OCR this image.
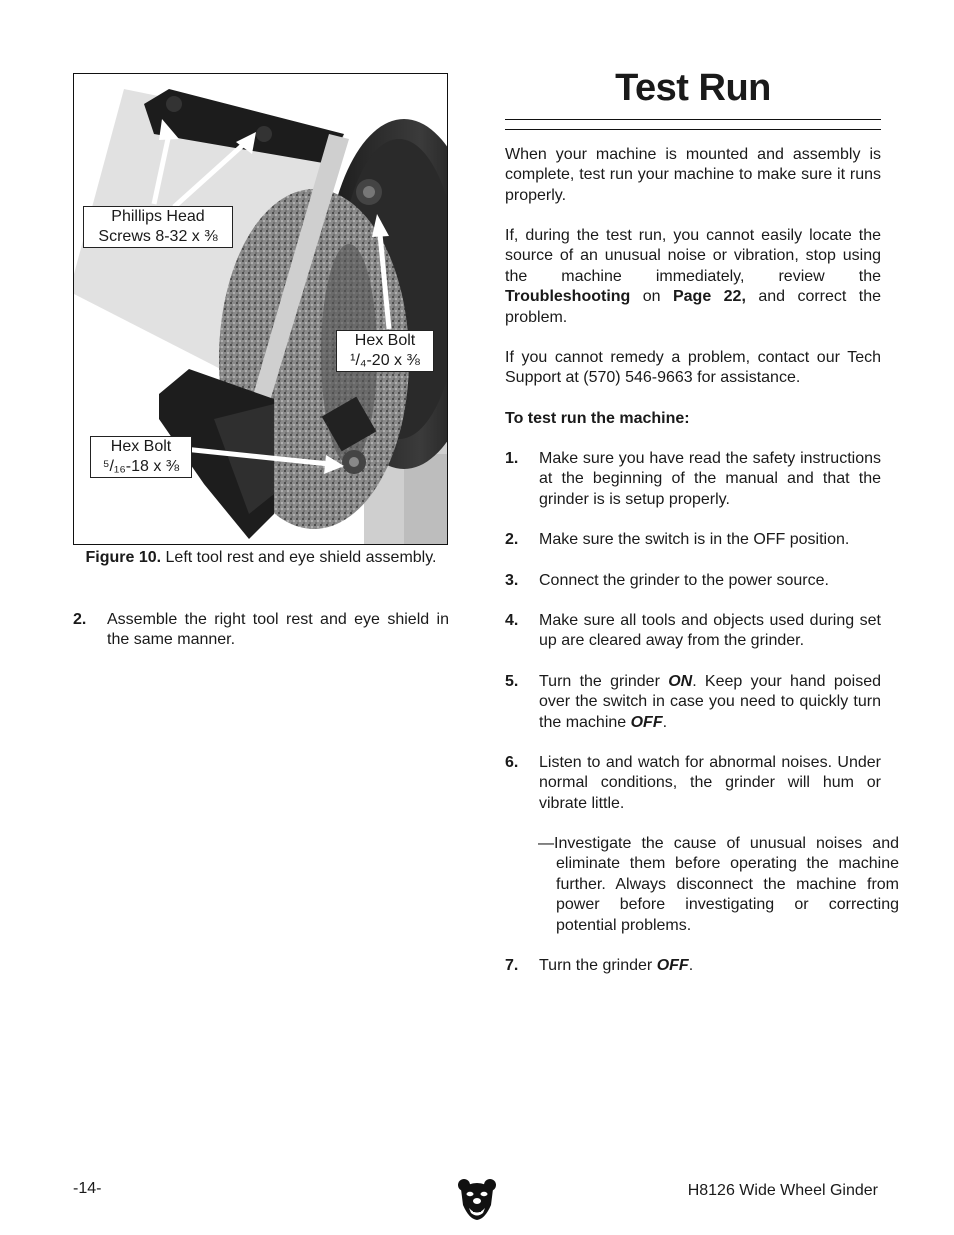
Phillips Head
Screws 8-32 x ⅜
Hex Bolt
¹/₄-20 x ⅜
Hex Bolt
⁵/₁₆-18 x ⅜
Figure 10. Left tool rest and eye shield assembly.
2. Assemble the right tool rest and eye shield in the same manner.
Test Run
When your machine is mounted and assembly is complete, test run your machine to make sure it runs properly.
If, during the test run, you cannot easily locate the source of an unusual noise or vibration, stop using the machine immediately, review the Troubleshooting on Page 22, and correct the problem.
If you cannot remedy a problem, contact our Tech Support at (570) 546-9663 for assistance.
To test run the machine:
1. Make sure you have read the safety instructions at the beginning of the manual and that the grinder is is setup properly.
2. Make sure the switch is in the OFF position.
3. Connect the grinder to the power source.
4. Make sure all tools and objects used during set up are cleared away from the grinder.
5. Turn the grinder ON. Keep your hand poised over the switch in case you need to quickly turn the machine OFF.
6. Listen to and watch for abnormal noises. Under normal conditions, the grinder will hum or vibrate little.
—Investigate the cause of unusual noises and eliminate them before operating the machine further. Always disconnect the machine from power before investigating or correcting potential problems.
7. Turn the grinder OFF.
-14-	H8126 Wide Wheel Ginder
